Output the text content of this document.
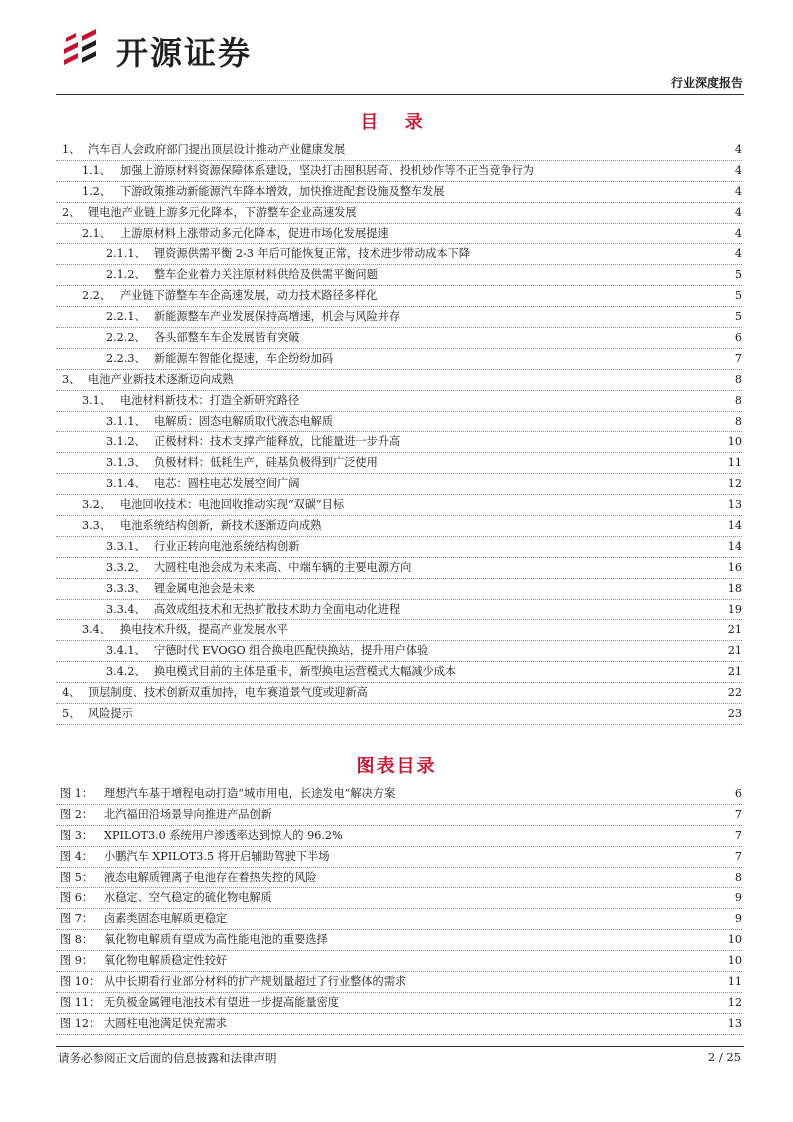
开源证券
行业深度报告
目 录
1、 汽车百人会政府部门提出顶层设计推动产业健康发展	4
1.1、 加强上游原材料资源保障体系建设，坚决打击囤积居奇、投机炒作等不正当竞争行为	4
1.2、 下游政策推动新能源汽车降本增效，加快推进配套设施及整车发展	4
2、 锂电池产业链上游多元化降本，下游整车企业高速发展	4
2.1、 上游原材料上涨带动多元化降本，促进市场化发展提速	4
2.1.1、 锂资源供需平衡 2-3 年后可能恢复正常，技术进步带动成本下降	4
2.1.2、 整车企业着力关注原材料供给及供需平衡问题	5
2.2、 产业链下游整车车企高速发展，动力技术路径多样化	5
2.2.1、 新能源整车产业发展保持高增速，机会与风险并存	5
2.2.2、 各头部整车车企发展皆有突破	6
2.2.3、 新能源车智能化提速，车企纷纷加码	7
3、 电池产业新技术逐渐迈向成熟	8
3.1、 电池材料新技术：打造全新研究路径	8
3.1.1、 电解质：固态电解质取代液态电解质	8
3.1.2、 正极材料：技术支撑产能释放，比能量进一步升高	10
3.1.3、 负极材料：低耗生产，硅基负极得到广泛使用	11
3.1.4、 电芯：圆柱电芯发展空间广阔	12
3.2、 电池回收技术：电池回收推动实现“双碳”目标	13
3.3、 电池系统结构创新，新技术逐渐迈向成熟	14
3.3.1、 行业正转向电池系统结构创新	14
3.3.2、 大圆柱电池会成为未来高、中端车辆的主要电源方向	16
3.3.3、 锂金属电池会是未来	18
3.3.4、 高效成组技术和无热扩散技术助力全面电动化进程	19
3.4、 换电技术升级，提高产业发展水平	21
3.4.1、 宁德时代 EVOGO 组合换电匹配快换站，提升用户体验	21
3.4.2、 换电模式目前的主体是重卡，新型换电运营模式大幅减少成本	21
4、 顶层制度、技术创新双重加持，电车赛道景气度或迎新高	22
5、 风险提示	23
图表目录
图 1： 理想汽车基于增程电动打造“城市用电，长途发电”解决方案	6
图 2： 北汽福田沿场景导向推进产品创新	7
图 3： XPILOT3.0 系统用户渗透率达到惊人的 96.2%	7
图 4： 小鹏汽车 XPILOT3.5 将开启辅助驾驶下半场	7
图 5： 液态电解质锂离子电池存在着热失控的风险	8
图 6： 水稳定、空气稳定的硫化物电解质	9
图 7： 卤素类固态电解质更稳定	9
图 8： 氧化物电解质有望成为高性能电池的重要选择	10
图 9： 氧化物电解质稳定性较好	10
图 10： 从中长期看行业部分材料的扩产规划量超过了行业整体的需求	11
图 11： 无负极金属锂电池技术有望进一步提高能量密度	12
图 12： 大圆柱电池满足快充需求	13
请务必参阅正文后面的信息披露和法律声明	2 / 25
